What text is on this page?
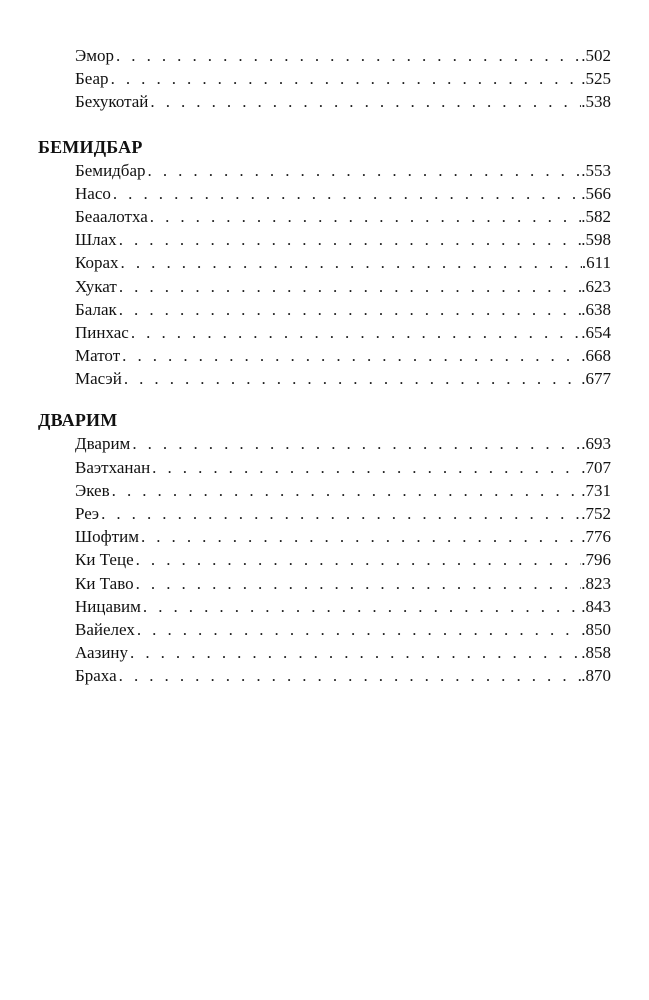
Эмор . . .	.502
Беар . . .	.525
Бехукотай . . .	.538
БЕМИДБАР
Бемидбар . . .	.553
Насо . . .	.566
Беаалотха . . .	.582
Шлах . . .	.598
Корах . . .	.611
Хукат . . .	.623
Балак . . .	.638
Пинхас . . .	.654
Матот . . .	.668
Масэй . . .	.677
ДВАРИМ
Дварим . . .	.693
Ваэтханан . . .	.707
Экев . . .	.731
Реэ . . .	.752
Шофтим . . .	.776
Ки Теце . . .	.796
Ки Таво . . .	.823
Ницавим . . .	.843
Вайелех . . .	.850
Аазину . . .	.858
Браха . . .	.870
